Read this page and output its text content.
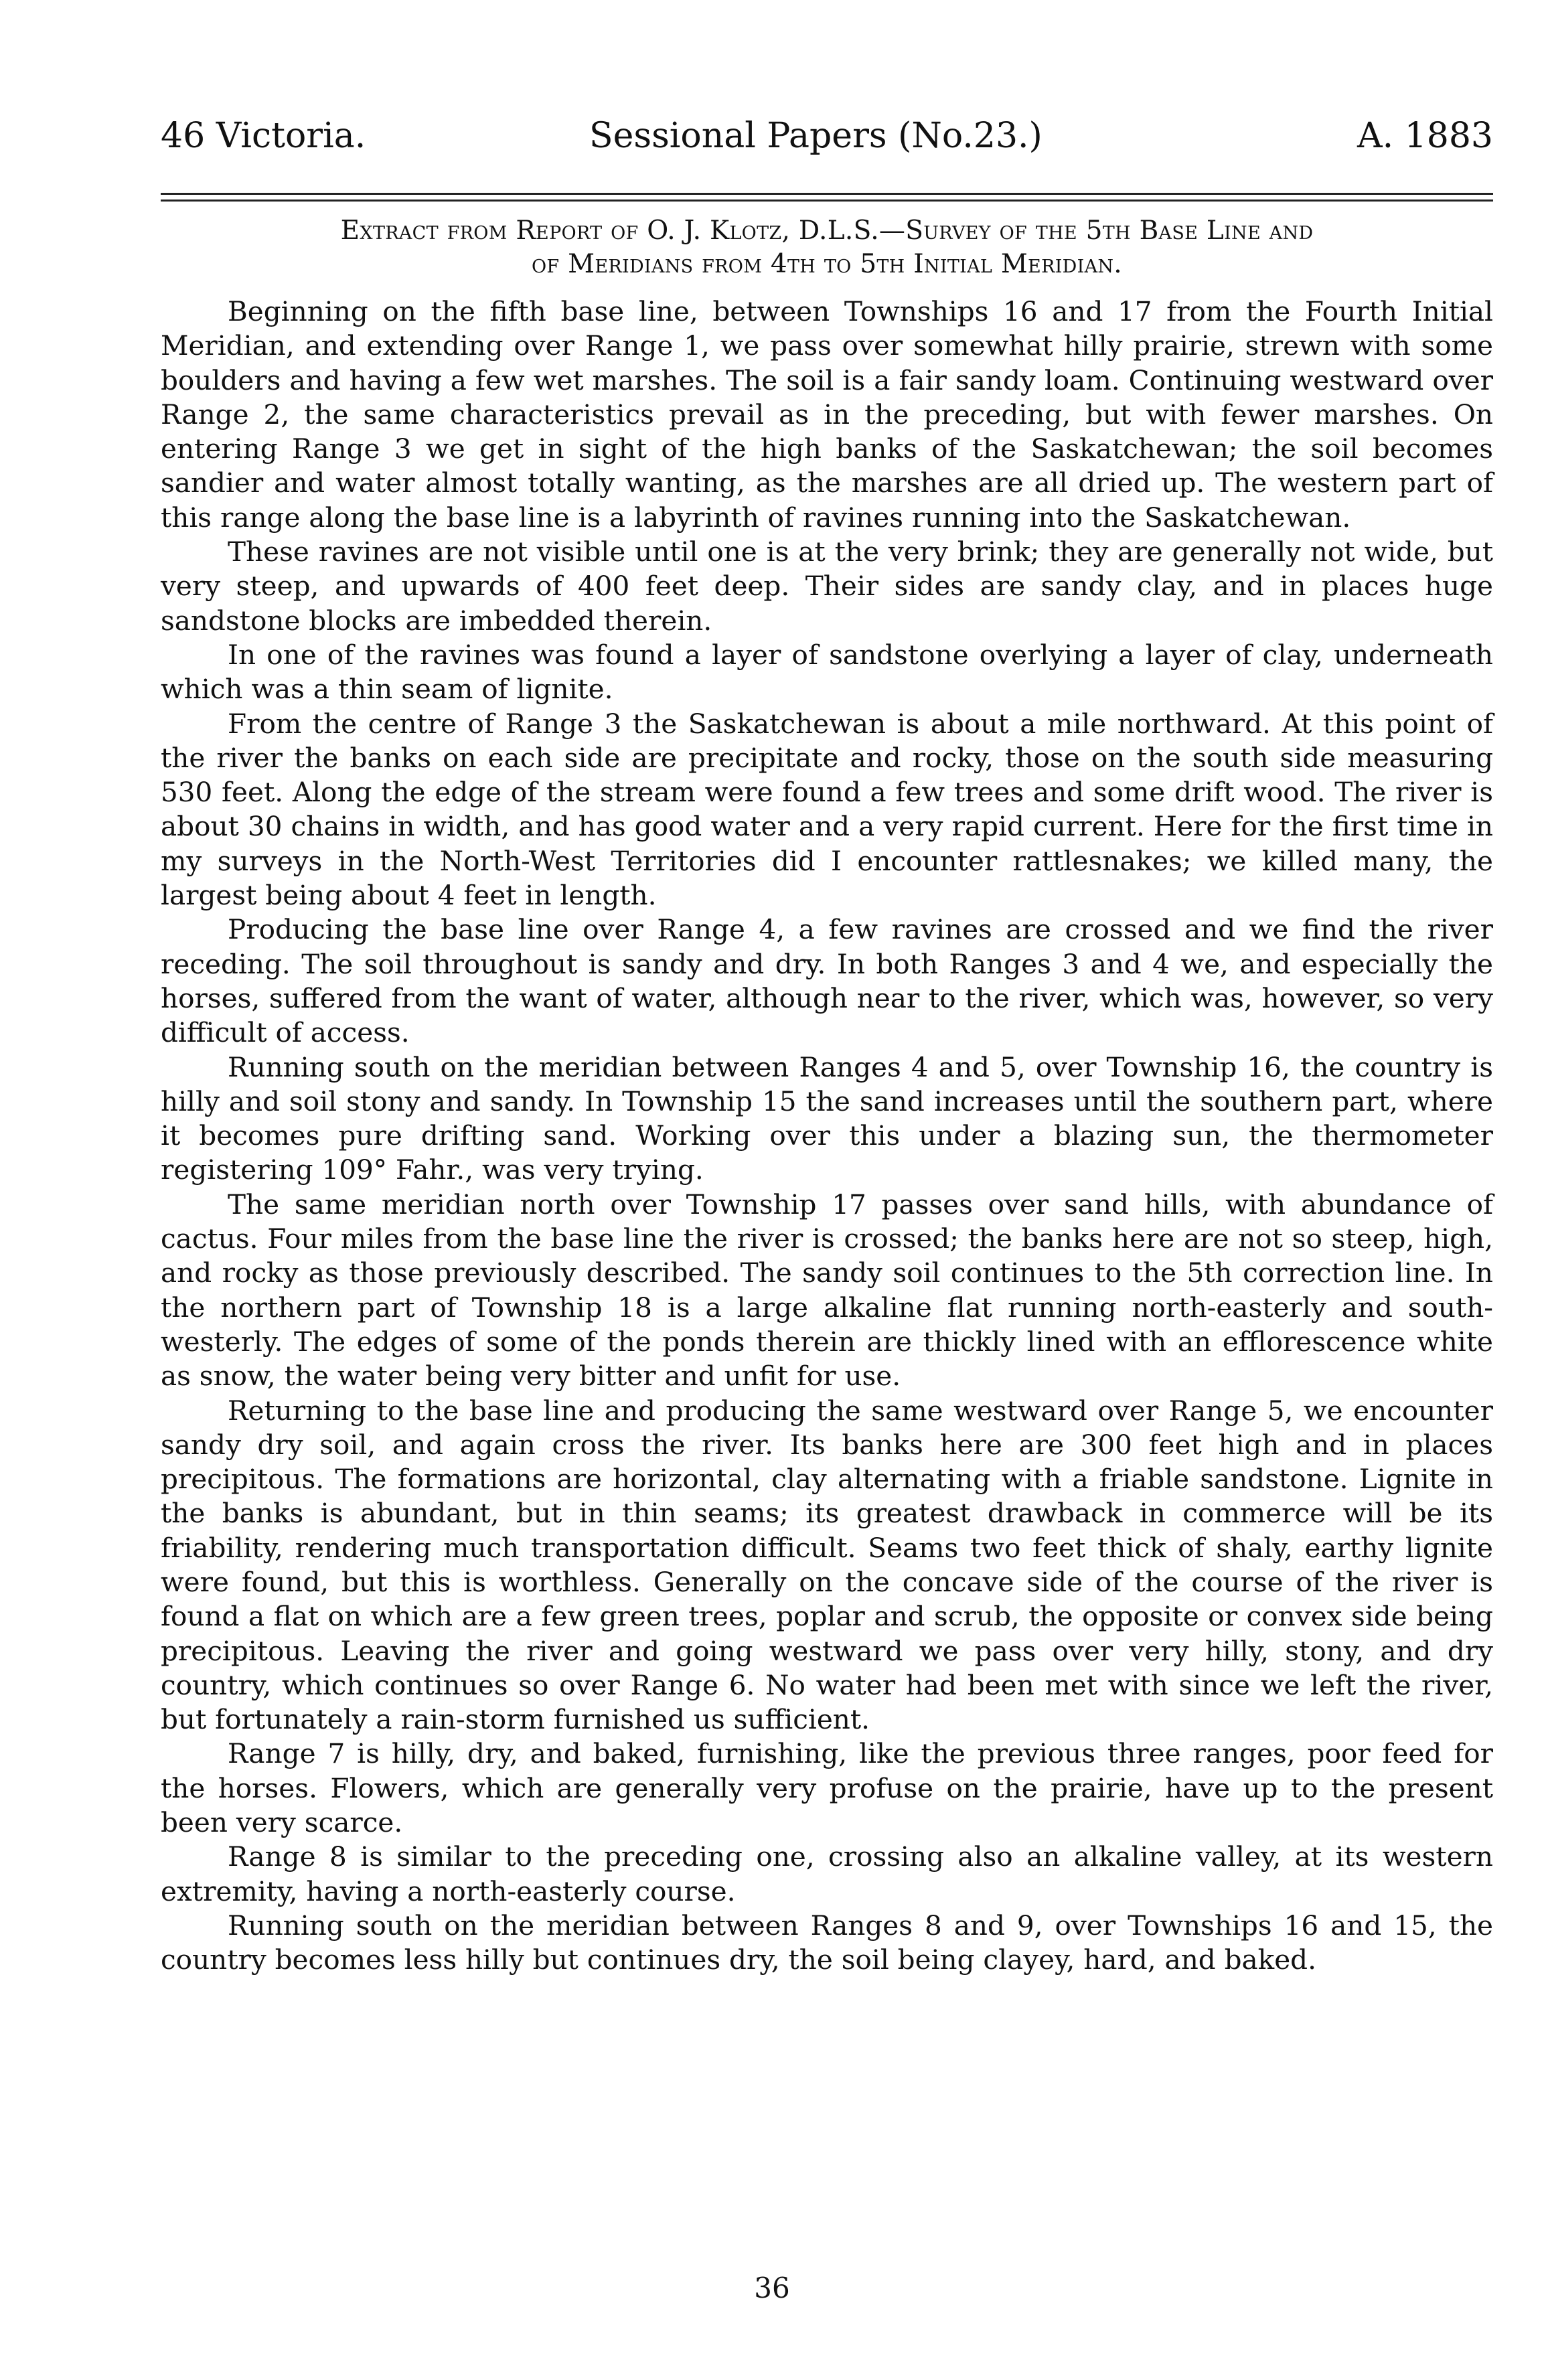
46 Victoria.	Sessional Papers (No.23.)	A. 1883
Extract from Report of O. J. Klotz, D.L.S.—Survey of the 5th Base Line and
of Meridians from 4th to 5th Initial Meridian.

Beginning on the fifth base line, between Townships 16 and 17 from the Fourth Initial Meridian, and extending over Range 1, we pass over somewhat hilly prairie, strewn with some boulders and having a few wet marshes. The soil is a fair sandy loam. Continuing westward over Range 2, the same characteristics prevail as in the preceding, but with fewer marshes. On entering Range 3 we get in sight of the high banks of the Saskatchewan; the soil becomes sandier and water almost totally wanting, as the marshes are all dried up. The western part of this range along the base line is a labyrinth of ravines running into the Saskatchewan.

These ravines are not visible until one is at the very brink; they are generally not wide, but very steep, and upwards of 400 feet deep. Their sides are sandy clay, and in places huge sandstone blocks are imbedded therein.

In one of the ravines was found a layer of sandstone overlying a layer of clay, underneath which was a thin seam of lignite.

From the centre of Range 3 the Saskatchewan is about a mile northward. At this point of the river the banks on each side are precipitate and rocky, those on the south side measuring 530 feet. Along the edge of the stream were found a few trees and some drift wood. The river is about 30 chains in width, and has good water and a very rapid current. Here for the first time in my surveys in the North-West Territories did I encounter rattlesnakes; we killed many, the largest being about 4 feet in length.

Producing the base line over Range 4, a few ravines are crossed and we find the river receding. The soil throughout is sandy and dry. In both Ranges 3 and 4 we, and especially the horses, suffered from the want of water, although near to the river, which was, however, so very difficult of access.

Running south on the meridian between Ranges 4 and 5, over Township 16, the country is hilly and soil stony and sandy. In Township 15 the sand increases until the southern part, where it becomes pure drifting sand. Working over this under a blazing sun, the thermometer registering 109° Fahr., was very trying.

The same meridian north over Township 17 passes over sand hills, with abundance of cactus. Four miles from the base line the river is crossed; the banks here are not so steep, high, and rocky as those previously described. The sandy soil continues to the 5th correction line. In the northern part of Township 18 is a large alkaline flat running north-easterly and south-westerly. The edges of some of the ponds therein are thickly lined with an efflorescence white as snow, the water being very bitter and unfit for use.

Returning to the base line and producing the same westward over Range 5, we encounter sandy dry soil, and again cross the river. Its banks here are 300 feet high and in places precipitous. The formations are horizontal, clay alternating with a friable sandstone. Lignite in the banks is abundant, but in thin seams; its greatest drawback in commerce will be its friability, rendering much transportation difficult. Seams two feet thick of shaly, earthy lignite were found, but this is worthless. Generally on the concave side of the course of the river is found a flat on which are a few green trees, poplar and scrub, the opposite or convex side being precipitous. Leaving the river and going westward we pass over very hilly, stony, and dry country, which continues so over Range 6. No water had been met with since we left the river, but fortunately a rain-storm furnished us sufficient.

Range 7 is hilly, dry, and baked, furnishing, like the previous three ranges, poor feed for the horses. Flowers, which are generally very profuse on the prairie, have up to the present been very scarce.

Range 8 is similar to the preceding one, crossing also an alkaline valley, at its western extremity, having a north-easterly course.

Running south on the meridian between Ranges 8 and 9, over Townships 16 and 15, the country becomes less hilly but continues dry, the soil being clayey, hard, and baked.

36
